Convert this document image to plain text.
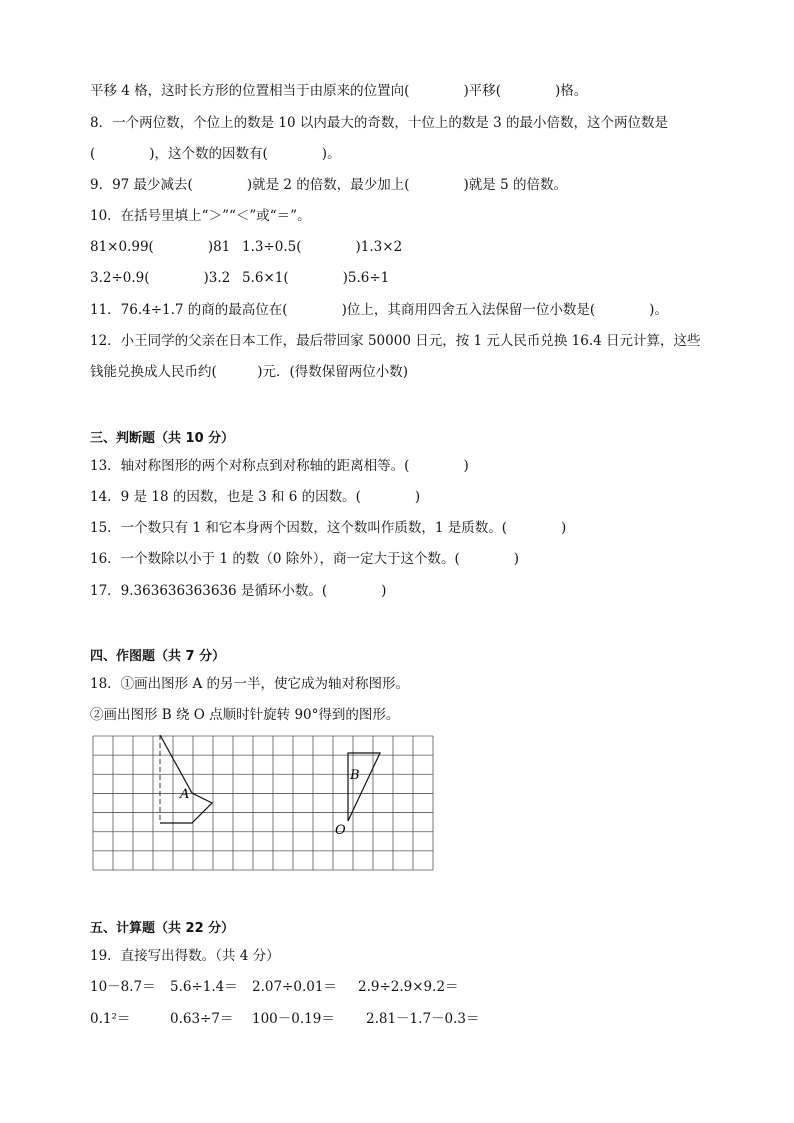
平移 4 格，这时长方形的位置相当于由原来的位置向(　　　　)平移(　　　　)格。
8．一个两位数，个位上的数是 10 以内最大的奇数，十位上的数是 3 的最小倍数，这个两位数是
(　　　　)，这个数的因数有(　　　　)。
9．97 最少减去(　　　　)就是 2 的倍数，最少加上(　　　　)就是 5 的倍数。
10．在括号里填上“＞”“＜”或“＝”。
81×0.99(　　　　)81 1.3÷0.5(　　　　)1.3×2
3.2÷0.9(　　　　)3.2 5.6×1(　　　　)5.6÷1
11．76.4÷1.7 的商的最高位在(　　　　)位上，其商用四舍五入法保留一位小数是(　　　　)。
12．小王同学的父亲在日本工作，最后带回家 50000 日元，按 1 元人民币兑换 16.4 日元计算，这些
钱能兑换成人民币约(　　　)元．(得数保留两位小数)
三、判断题（共 10 分）
13．轴对称图形的两个对称点到对称轴的距离相等。(　　　　)
14．9 是 18 的因数，也是 3 和 6 的因数。(　　　　)
15．一个数只有 1 和它本身两个因数，这个数叫作质数，1 是质数。(　　　　)
16．一个数除以小于 1 的数（0 除外），商一定大于这个数。(　　　　)
17．9.363636363636 是循环小数。(　　　　)
四、作图题（共 7 分）
18．①画出图形 A 的另一半，使它成为轴对称图形。
②画出图形 B 绕 O 点顺时针旋转 90°得到的图形。
A
B
O
五、计算题（共 22 分）
19．直接写出得数。（共 4 分）
10－8.7＝ 5.6÷1.4＝ 2.07÷0.01＝ 2.9÷2.9×9.2＝
0.1²＝	0.63÷7＝ 100－0.19＝ 2.81－1.7－0.3＝
